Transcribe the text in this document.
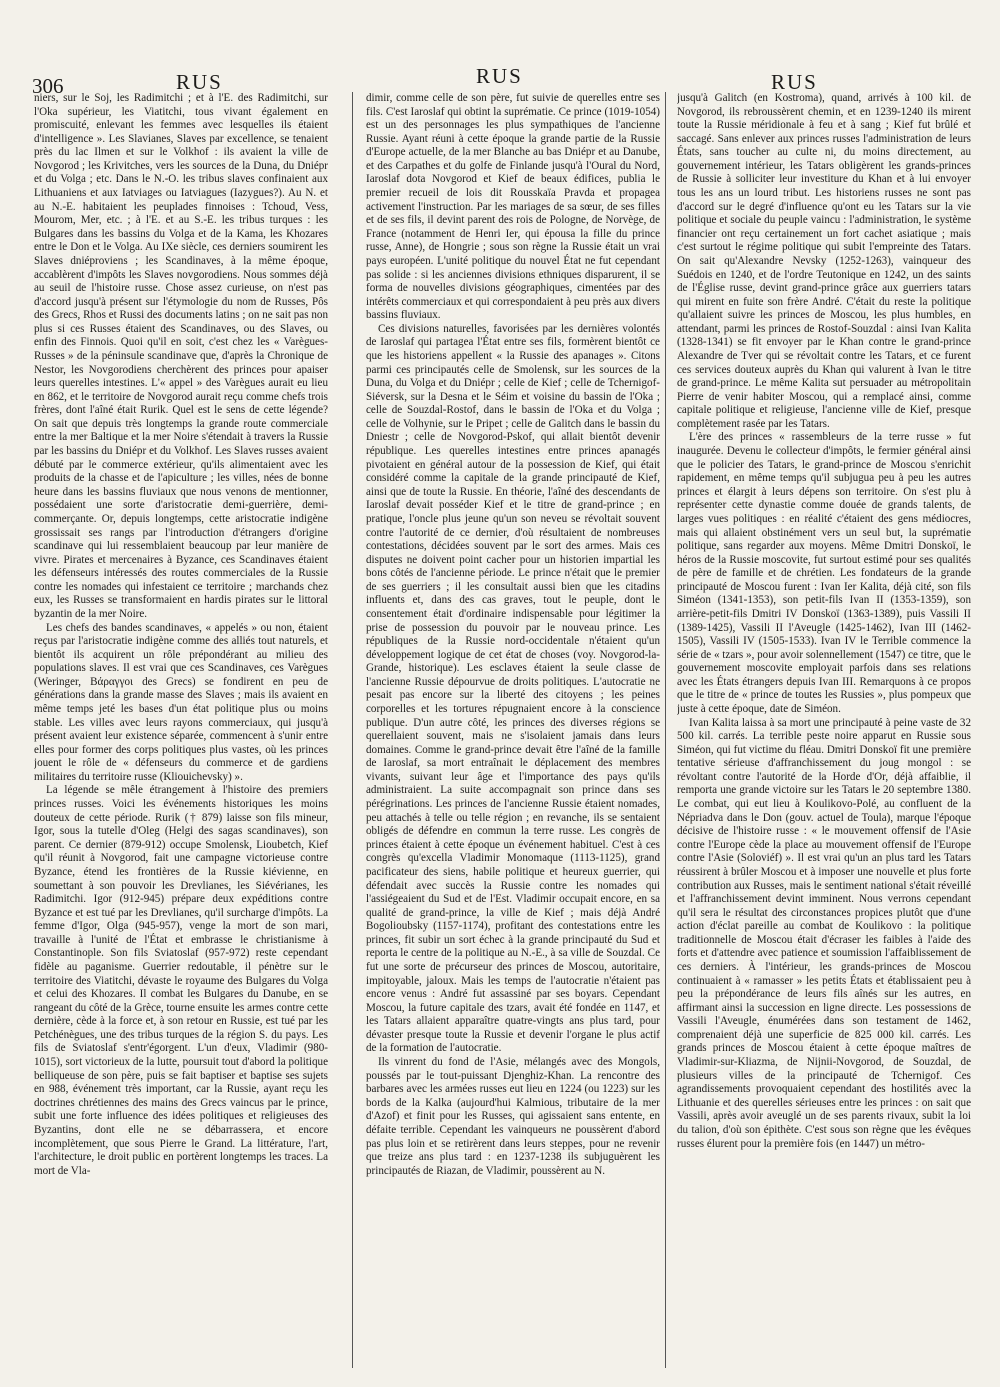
306	RUS	RUS	RUS

niers, sur le Soj, les Radimitchi ; et à l'E. des Radimitchi, sur l'Oka supérieur, les Viatitchi, tous vivant également en promiscuité, enlevant les femmes avec lesquelles ils étaient d'intelligence ». Les Slavianes, Slaves par excellence, se tenaient près du lac Ilmen et sur le Volkhof : ils avaient la ville de Novgorod ; les Krivitches, vers les sources de la Duna, du Dniépr et du Volga ; etc. Dans le N.-O. les tribus slaves confinaient aux Lithuaniens et aux Iatviages ou Iatviagues (Iazygues?). Au N. et au N.-E. habitaient les peuplades finnoises : Tchoud, Vess, Mourom, Mer, etc. ; à l'E. et au S.-E. les tribus turques : les Bulgares dans les bassins du Volga et de la Kama, les Khozares entre le Don et le Volga. Au IXe siècle, ces derniers soumirent les Slaves dniéproviens ; les Scandinaves, à la même époque, accablèrent d'impôts les Slaves novgorodiens. Nous sommes déjà au seuil de l'histoire russe. Chose assez curieuse, on n'est pas d'accord jusqu'à présent sur l'étymologie du nom de Russes, Pôs des Grecs, Rhos et Russi des documents latins ; on ne sait pas non plus si ces Russes étaient des Scandinaves, ou des Slaves, ou enfin des Finnois. Quoi qu'il en soit, c'est chez les « Varègues-Russes » de la péninsule scandinave que, d'après la Chronique de Nestor, les Novgorodiens cherchèrent des princes pour apaiser leurs querelles intestines. L'« appel » des Varègues aurait eu lieu en 862, et le territoire de Novgorod aurait reçu comme chefs trois frères, dont l'aîné était Rurik. Quel est le sens de cette légende? On sait que depuis très longtemps la grande route commerciale entre la mer Baltique et la mer Noire s'étendait à travers la Russie par les bassins du Dniépr et du Volkhof. Les Slaves russes avaient débuté par le commerce extérieur, qu'ils alimentaient avec les produits de la chasse et de l'apiculture ; les villes, nées de bonne heure dans les bassins fluviaux que nous venons de mentionner, possédaient une sorte d'aristocratie demi-guerrière, demi-commerçante. Or, depuis longtemps, cette aristocratie indigène grossissait ses rangs par l'introduction d'étrangers d'origine scandinave qui lui ressemblaient beaucoup par leur manière de vivre. Pirates et mercenaires à Byzance, ces Scandinaves étaient les défenseurs intéressés des routes commerciales de la Russie contre les nomades qui infestaient ce territoire ; marchands chez eux, les Russes se transformaient en hardis pirates sur le littoral byzantin de la mer Noire.

Les chefs des bandes scandinaves, « appelés » ou non, étaient reçus par l'aristocratie indigène comme des alliés tout naturels, et bientôt ils acquirent un rôle prépondérant au milieu des populations slaves. Il est vrai que ces Scandinaves, ces Varègues (Weringer, Βάραγγοι des Grecs) se fondirent en peu de générations dans la grande masse des Slaves ; mais ils avaient en même temps jeté les bases d'un état politique plus ou moins stable. Les villes avec leurs rayons commerciaux, qui jusqu'à présent avaient leur existence séparée, commencent à s'unir entre elles pour former des corps politiques plus vastes, où les princes jouent le rôle de « défenseurs du commerce et de gardiens militaires du territoire russe (Kliouichevsky) ».

La légende se mêle étrangement à l'histoire des premiers princes russes. Voici les événements historiques les moins douteux de cette période. Rurik († 879) laisse son fils mineur, Igor, sous la tutelle d'Oleg (Helgi des sagas scandinaves), son parent. Ce dernier (879-912) occupe Smolensk, Lioubetch, Kief qu'il réunit à Novgorod, fait une campagne victorieuse contre Byzance, étend les frontières de la Russie kiévienne, en soumettant à son pouvoir les Drevlianes, les Siévérianes, les Radimitchi. Igor (912-945) prépare deux expéditions contre Byzance et est tué par les Drevlianes, qu'il surcharge d'impôts. La femme d'Igor, Olga (945-957), venge la mort de son mari, travaille à l'unité de l'État et embrasse le christianisme à Constantinople. Son fils Sviatoslaf (957-972) reste cependant fidèle au paganisme. Guerrier redoutable, il pénètre sur le territoire des Viatitchi, dévaste le royaume des Bulgares du Volga et celui des Khozares. Il combat les Bulgares du Danube, en se rangeant du côté de la Grèce, tourne ensuite les armes contre cette dernière, cède à la force et, à son retour en Russie, est tué par les Petchénègues, une des tribus turques de la région S. du pays. Les fils de Sviatoslaf s'entr'égorgent. L'un d'eux, Vladimir (980-1015), sort victorieux de la lutte, poursuit tout d'abord la politique belliqueuse de son père, puis se fait baptiser et baptise ses sujets en 988, événement très important, car la Russie, ayant reçu les doctrines chrétiennes des mains des Grecs vaincus par le prince, subit une forte influence des idées politiques et religieuses des Byzantins, dont elle ne se débarrassera, et encore incomplètement, que sous Pierre le Grand. La littérature, l'art, l'architecture, le droit public en portèrent longtemps les traces. La mort de Vla-

dimir, comme celle de son père, fut suivie de querelles entre ses fils. C'est Iaroslaf qui obtint la suprématie. Ce prince (1019-1054) est un des personnages les plus sympathiques de l'ancienne Russie. Ayant réuni à cette époque la grande partie de la Russie d'Europe actuelle, de la mer Blanche au bas Dniépr et au Danube, et des Carpathes et du golfe de Finlande jusqu'à l'Oural du Nord, Iaroslaf dota Novgorod et Kief de beaux édifices, publia le premier recueil de lois dit Rousskaïa Pravda et propagea activement l'instruction. Par les mariages de sa sœur, de ses filles et de ses fils, il devint parent des rois de Pologne, de Norvège, de France (notamment de Henri Ier, qui épousa la fille du prince russe, Anne), de Hongrie ; sous son règne la Russie était un vrai pays européen. L'unité politique du nouvel État ne fut cependant pas solide : si les anciennes divisions ethniques disparurent, il se forma de nouvelles divisions géographiques, cimentées par des intérêts commerciaux et qui correspondaient à peu près aux divers bassins fluviaux.

Ces divisions naturelles, favorisées par les dernières volontés de Iaroslaf qui partagea l'État entre ses fils, formèrent bientôt ce que les historiens appellent « la Russie des apanages ». Citons parmi ces principautés celle de Smolensk, sur les sources de la Duna, du Volga et du Dniépr ; celle de Kief ; celle de Tchernigof-Siéversk, sur la Desna et le Séim et voisine du bassin de l'Oka ; celle de Souzdal-Rostof, dans le bassin de l'Oka et du Volga ; celle de Volhynie, sur le Pripet ; celle de Galitch dans le bassin du Dniestr ; celle de Novgorod-Pskof, qui allait bientôt devenir république. Les querelles intestines entre princes apanagés pivotaient en général autour de la possession de Kief, qui était considéré comme la capitale de la grande principauté de Kief, ainsi que de toute la Russie. En théorie, l'aîné des descendants de Iaroslaf devait posséder Kief et le titre de grand-prince ; en pratique, l'oncle plus jeune qu'un son neveu se révoltait souvent contre l'autorité de ce dernier, d'où résultaient de nombreuses contestations, décidées souvent par le sort des armes. Mais ces disputes ne doivent point cacher pour un historien impartial les bons côtés de l'ancienne période. Le prince n'était que le premier de ses guerriers ; il les consultait aussi bien que les citadins influents et, dans des cas graves, tout le peuple, dont le consentement était d'ordinaire indispensable pour légitimer la prise de possession du pouvoir par le nouveau prince. Les républiques de la Russie nord-occidentale n'étaient qu'un développement logique de cet état de choses (voy. Novgorod-la-Grande, historique). Les esclaves étaient la seule classe de l'ancienne Russie dépourvue de droits politiques. L'autocratie ne pesait pas encore sur la liberté des citoyens ; les peines corporelles et les tortures répugnaient encore à la conscience publique. D'un autre côté, les princes des diverses régions se querellaient souvent, mais ne s'isolaient jamais dans leurs domaines. Comme le grand-prince devait être l'aîné de la famille de Iaroslaf, sa mort entraînait le déplacement des membres vivants, suivant leur âge et l'importance des pays qu'ils administraient. La suite accompagnait son prince dans ses pérégrinations. Les princes de l'ancienne Russie étaient nomades, peu attachés à telle ou telle région ; en revanche, ils se sentaient obligés de défendre en commun la terre russe. Les congrès de princes étaient à cette époque un événement habituel. C'est à ces congrès qu'excella Vladimir Monomaque (1113-1125), grand pacificateur des siens, habile politique et heureux guerrier, qui défendait avec succès la Russie contre les nomades qui l'assiégeaient du Sud et de l'Est. Vladimir occupait encore, en sa qualité de grand-prince, la ville de Kief ; mais déjà André Bogolioubsky (1157-1174), profitant des contestations entre les princes, fit subir un sort échec à la grande principauté du Sud et reporta le centre de la politique au N.-E., à sa ville de Souzdal. Ce fut une sorte de précurseur des princes de Moscou, autoritaire, impitoyable, jaloux. Mais les temps de l'autocratie n'étaient pas encore venus : André fut assassiné par ses boyars. Cependant Moscou, la future capitale des tzars, avait été fondée en 1147, et les Tatars allaient apparaître quatre-vingts ans plus tard, pour dévaster presque toute la Russie et devenir l'organe le plus actif de la formation de l'autocratie.

Ils vinrent du fond de l'Asie, mélangés avec des Mongols, poussés par le tout-puissant Djenghiz-Khan. La rencontre des barbares avec les armées russes eut lieu en 1224 (ou 1223) sur les bords de la Kalka (aujourd'hui Kalmious, tributaire de la mer d'Azof) et finit pour les Russes, qui agissaient sans entente, en défaite terrible. Cependant les vainqueurs ne poussèrent d'abord pas plus loin et se retirèrent dans leurs steppes, pour ne revenir que treize ans plus tard : en 1237-1238 ils subjuguèrent les principautés de Riazan, de Vladimir, poussèrent au N.

jusqu'à Galitch (en Kostroma), quand, arrivés à 100 kil. de Novgorod, ils rebroussèrent chemin, et en 1239-1240 ils mirent toute la Russie méridionale à feu et à sang ; Kief fut brûlé et saccagé. Sans enlever aux princes russes l'administration de leurs États, sans toucher au culte ni, du moins directement, au gouvernement intérieur, les Tatars obligèrent les grands-princes de Russie à solliciter leur investiture du Khan et à lui envoyer tous les ans un lourd tribut. Les historiens russes ne sont pas d'accord sur le degré d'influence qu'ont eu les Tatars sur la vie politique et sociale du peuple vaincu : l'administration, le système financier ont reçu certainement un fort cachet asiatique ; mais c'est surtout le régime politique qui subit l'empreinte des Tatars. On sait qu'Alexandre Nevsky (1252-1263), vainqueur des Suédois en 1240, et de l'ordre Teutonique en 1242, un des saints de l'Église russe, devint grand-prince grâce aux guerriers tatars qui mirent en fuite son frère André. C'était du reste la politique qu'allaient suivre les princes de Moscou, les plus humbles, en attendant, parmi les princes de Rostof-Souzdal : ainsi Ivan Kalita (1328-1341) se fit envoyer par le Khan contre le grand-prince Alexandre de Tver qui se révoltait contre les Tatars, et ce furent ces services douteux auprès du Khan qui valurent à Ivan le titre de grand-prince. Le même Kalita sut persuader au métropolitain Pierre de venir habiter Moscou, qui a remplacé ainsi, comme capitale politique et religieuse, l'ancienne ville de Kief, presque complètement rasée par les Tatars.

L'ère des princes « rassembleurs de la terre russe » fut inaugurée. Devenu le collecteur d'impôts, le fermier général ainsi que le policier des Tatars, le grand-prince de Moscou s'enrichit rapidement, en même temps qu'il subjugua peu à peu les autres princes et élargit à leurs dépens son territoire. On s'est plu à représenter cette dynastie comme douée de grands talents, de larges vues politiques : en réalité c'étaient des gens médiocres, mais qui allaient obstinément vers un seul but, la suprématie politique, sans regarder aux moyens. Même Dmitri Donskoï, le héros de la Russie moscovite, fut surtout estimé pour ses qualités de père de famille et de chrétien. Les fondateurs de la grande principauté de Moscou furent : Ivan Ier Kalita, déjà cité, son fils Siméon (1341-1353), son petit-fils Ivan II (1353-1359), son arrière-petit-fils Dmitri IV Donskoï (1363-1389), puis Vassili II (1389-1425), Vassili II l'Aveugle (1425-1462), Ivan III (1462-1505), Vassili IV (1505-1533). Ivan IV le Terrible commence la série de « tzars », pour avoir solennellement (1547) ce titre, que le gouvernement moscovite employait parfois dans ses relations avec les États étrangers depuis Ivan III. Remarquons à ce propos que le titre de « prince de toutes les Russies », plus pompeux que juste à cette époque, date de Siméon.

Ivan Kalita laissa à sa mort une principauté à peine vaste de 32 500 kil. carrés. La terrible peste noire apparut en Russie sous Siméon, qui fut victime du fléau. Dmitri Donskoï fit une première tentative sérieuse d'affranchissement du joug mongol : se révoltant contre l'autorité de la Horde d'Or, déjà affaiblie, il remporta une grande victoire sur les Tatars le 20 septembre 1380. Le combat, qui eut lieu à Koulikovo-Polé, au confluent de la Népriadva dans le Don (gouv. actuel de Toula), marque l'époque décisive de l'histoire russe : « le mouvement offensif de l'Asie contre l'Europe cède la place au mouvement offensif de l'Europe contre l'Asie (Soloviéf) ». Il est vrai qu'un an plus tard les Tatars réussirent à brûler Moscou et à imposer une nouvelle et plus forte contribution aux Russes, mais le sentiment national s'était réveillé et l'affranchissement devint imminent. Nous verrons cependant qu'il sera le résultat des circonstances propices plutôt que d'une action d'éclat pareille au combat de Koulikovo : la politique traditionnelle de Moscou était d'écraser les faibles à l'aide des forts et d'attendre avec patience et soumission l'affaiblissement de ces derniers. À l'intérieur, les grands-princes de Moscou continuaient à « ramasser » les petits États et établissaient peu à peu la prépondérance de leurs fils aînés sur les autres, en affirmant ainsi la succession en ligne directe. Les possessions de Vassili l'Aveugle, énumérées dans son testament de 1462, comprenaient déjà une superficie de 825 000 kil. carrés. Les grands princes de Moscou étaient à cette époque maîtres de Vladimir-sur-Kliazma, de Nijnii-Novgorod, de Souzdal, de plusieurs villes de la principauté de Tchernigof. Ces agrandissements provoquaient cependant des hostilités avec la Lithuanie et des querelles sérieuses entre les princes : on sait que Vassili, après avoir aveuglé un de ses parents rivaux, subit la loi du talion, d'où son épithète. C'est sous son règne que les évêques russes élurent pour la première fois (en 1447) un métro-
